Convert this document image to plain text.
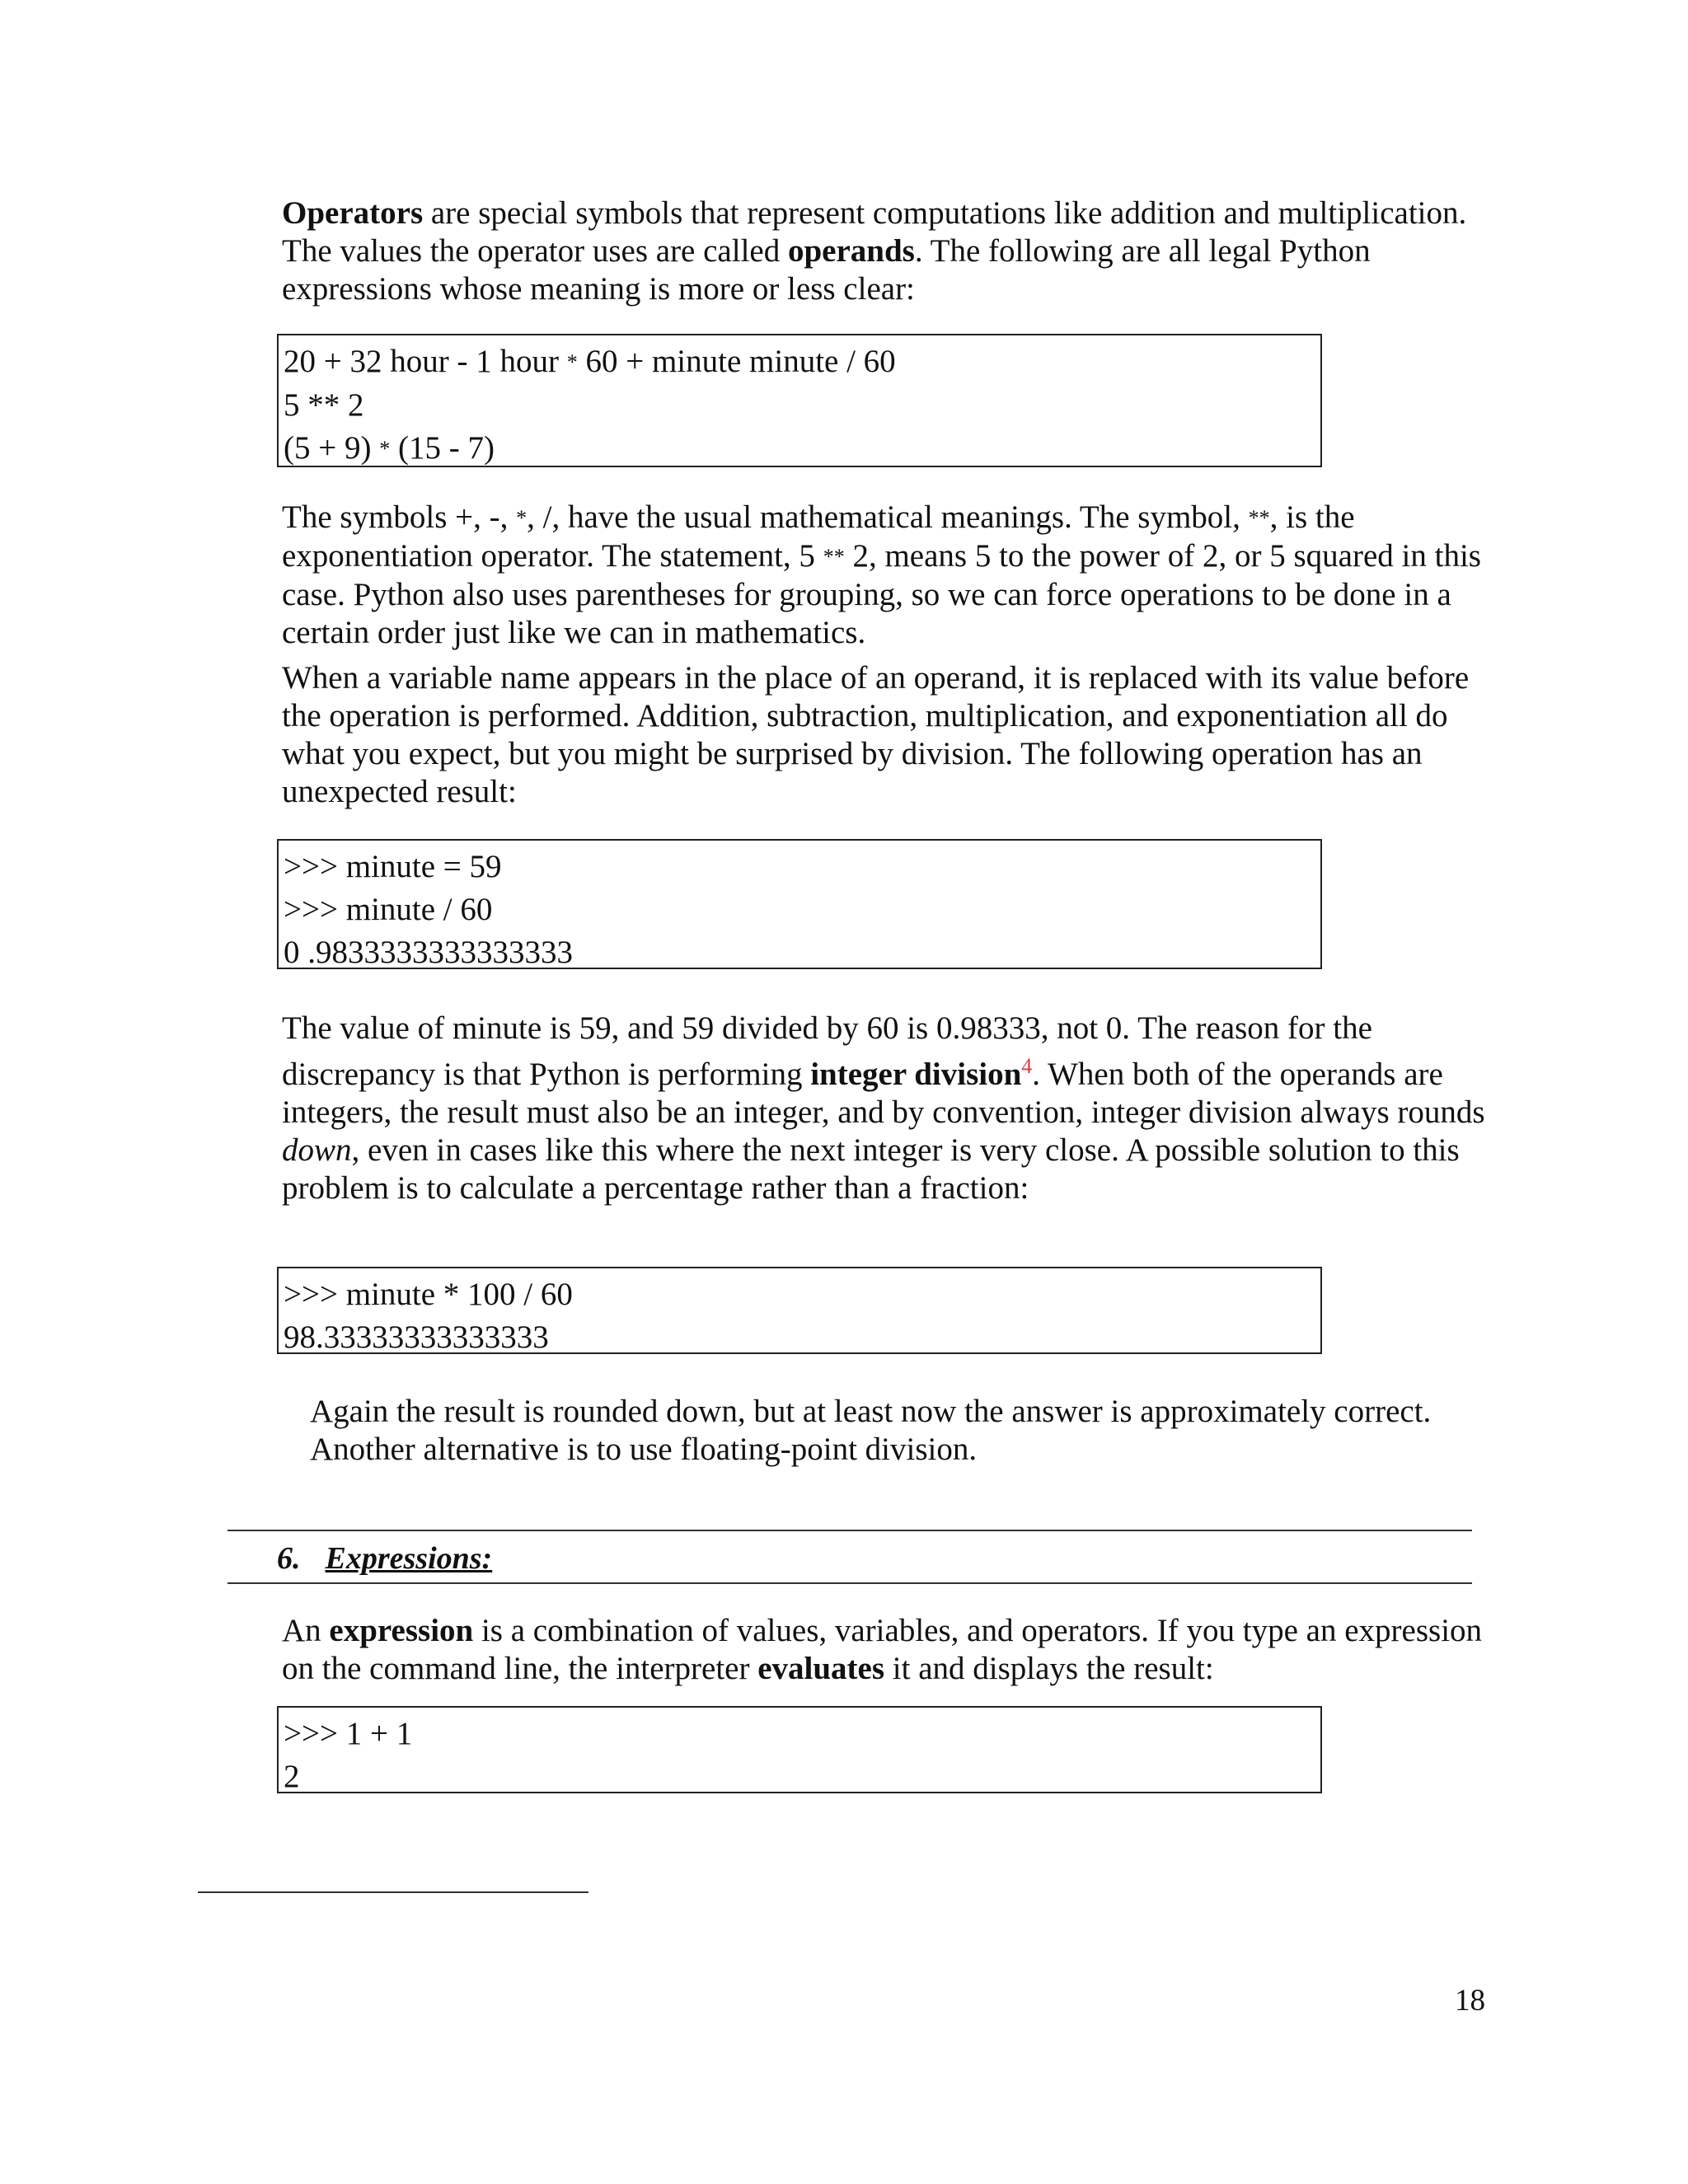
Operators are special symbols that represent computations like addition and multiplication. The values the operator uses are called operands. The following are all legal Python expressions whose meaning is more or less clear:

20 + 32 hour - 1 hour * 60 + minute minute / 60
5 ** 2
(5 + 9) * (15 - 7)

The symbols +, -, *, /, have the usual mathematical meanings. The symbol, **, is the exponentiation operator. The statement, 5 ** 2, means 5 to the power of 2, or 5 squared in this case. Python also uses parentheses for grouping, so we can force operations to be done in a certain order just like we can in mathematics.

When a variable name appears in the place of an operand, it is replaced with its value before the operation is performed. Addition, subtraction, multiplication, and exponentiation all do what you expect, but you might be surprised by division. The following operation has an unexpected result:

>>> minute = 59
>>> minute / 60
0 .9833333333333333

The value of minute is 59, and 59 divided by 60 is 0.98333, not 0. The reason for the discrepancy is that Python is performing integer division$^4$. When both of the operands are integers, the result must also be an integer, and by convention, integer division always rounds down, even in cases like this where the next integer is very close. A possible solution to this problem is to calculate a percentage rather than a fraction:

>>> minute * 100 / 60
98.33333333333333

Again the result is rounded down, but at least now the answer is approximately correct. Another alternative is to use floating-point division.

6. Expressions:

An expression is a combination of values, variables, and operators. If you type an expression on the command line, the interpreter evaluates it and displays the result:

>>> 1 + 1
2
18
